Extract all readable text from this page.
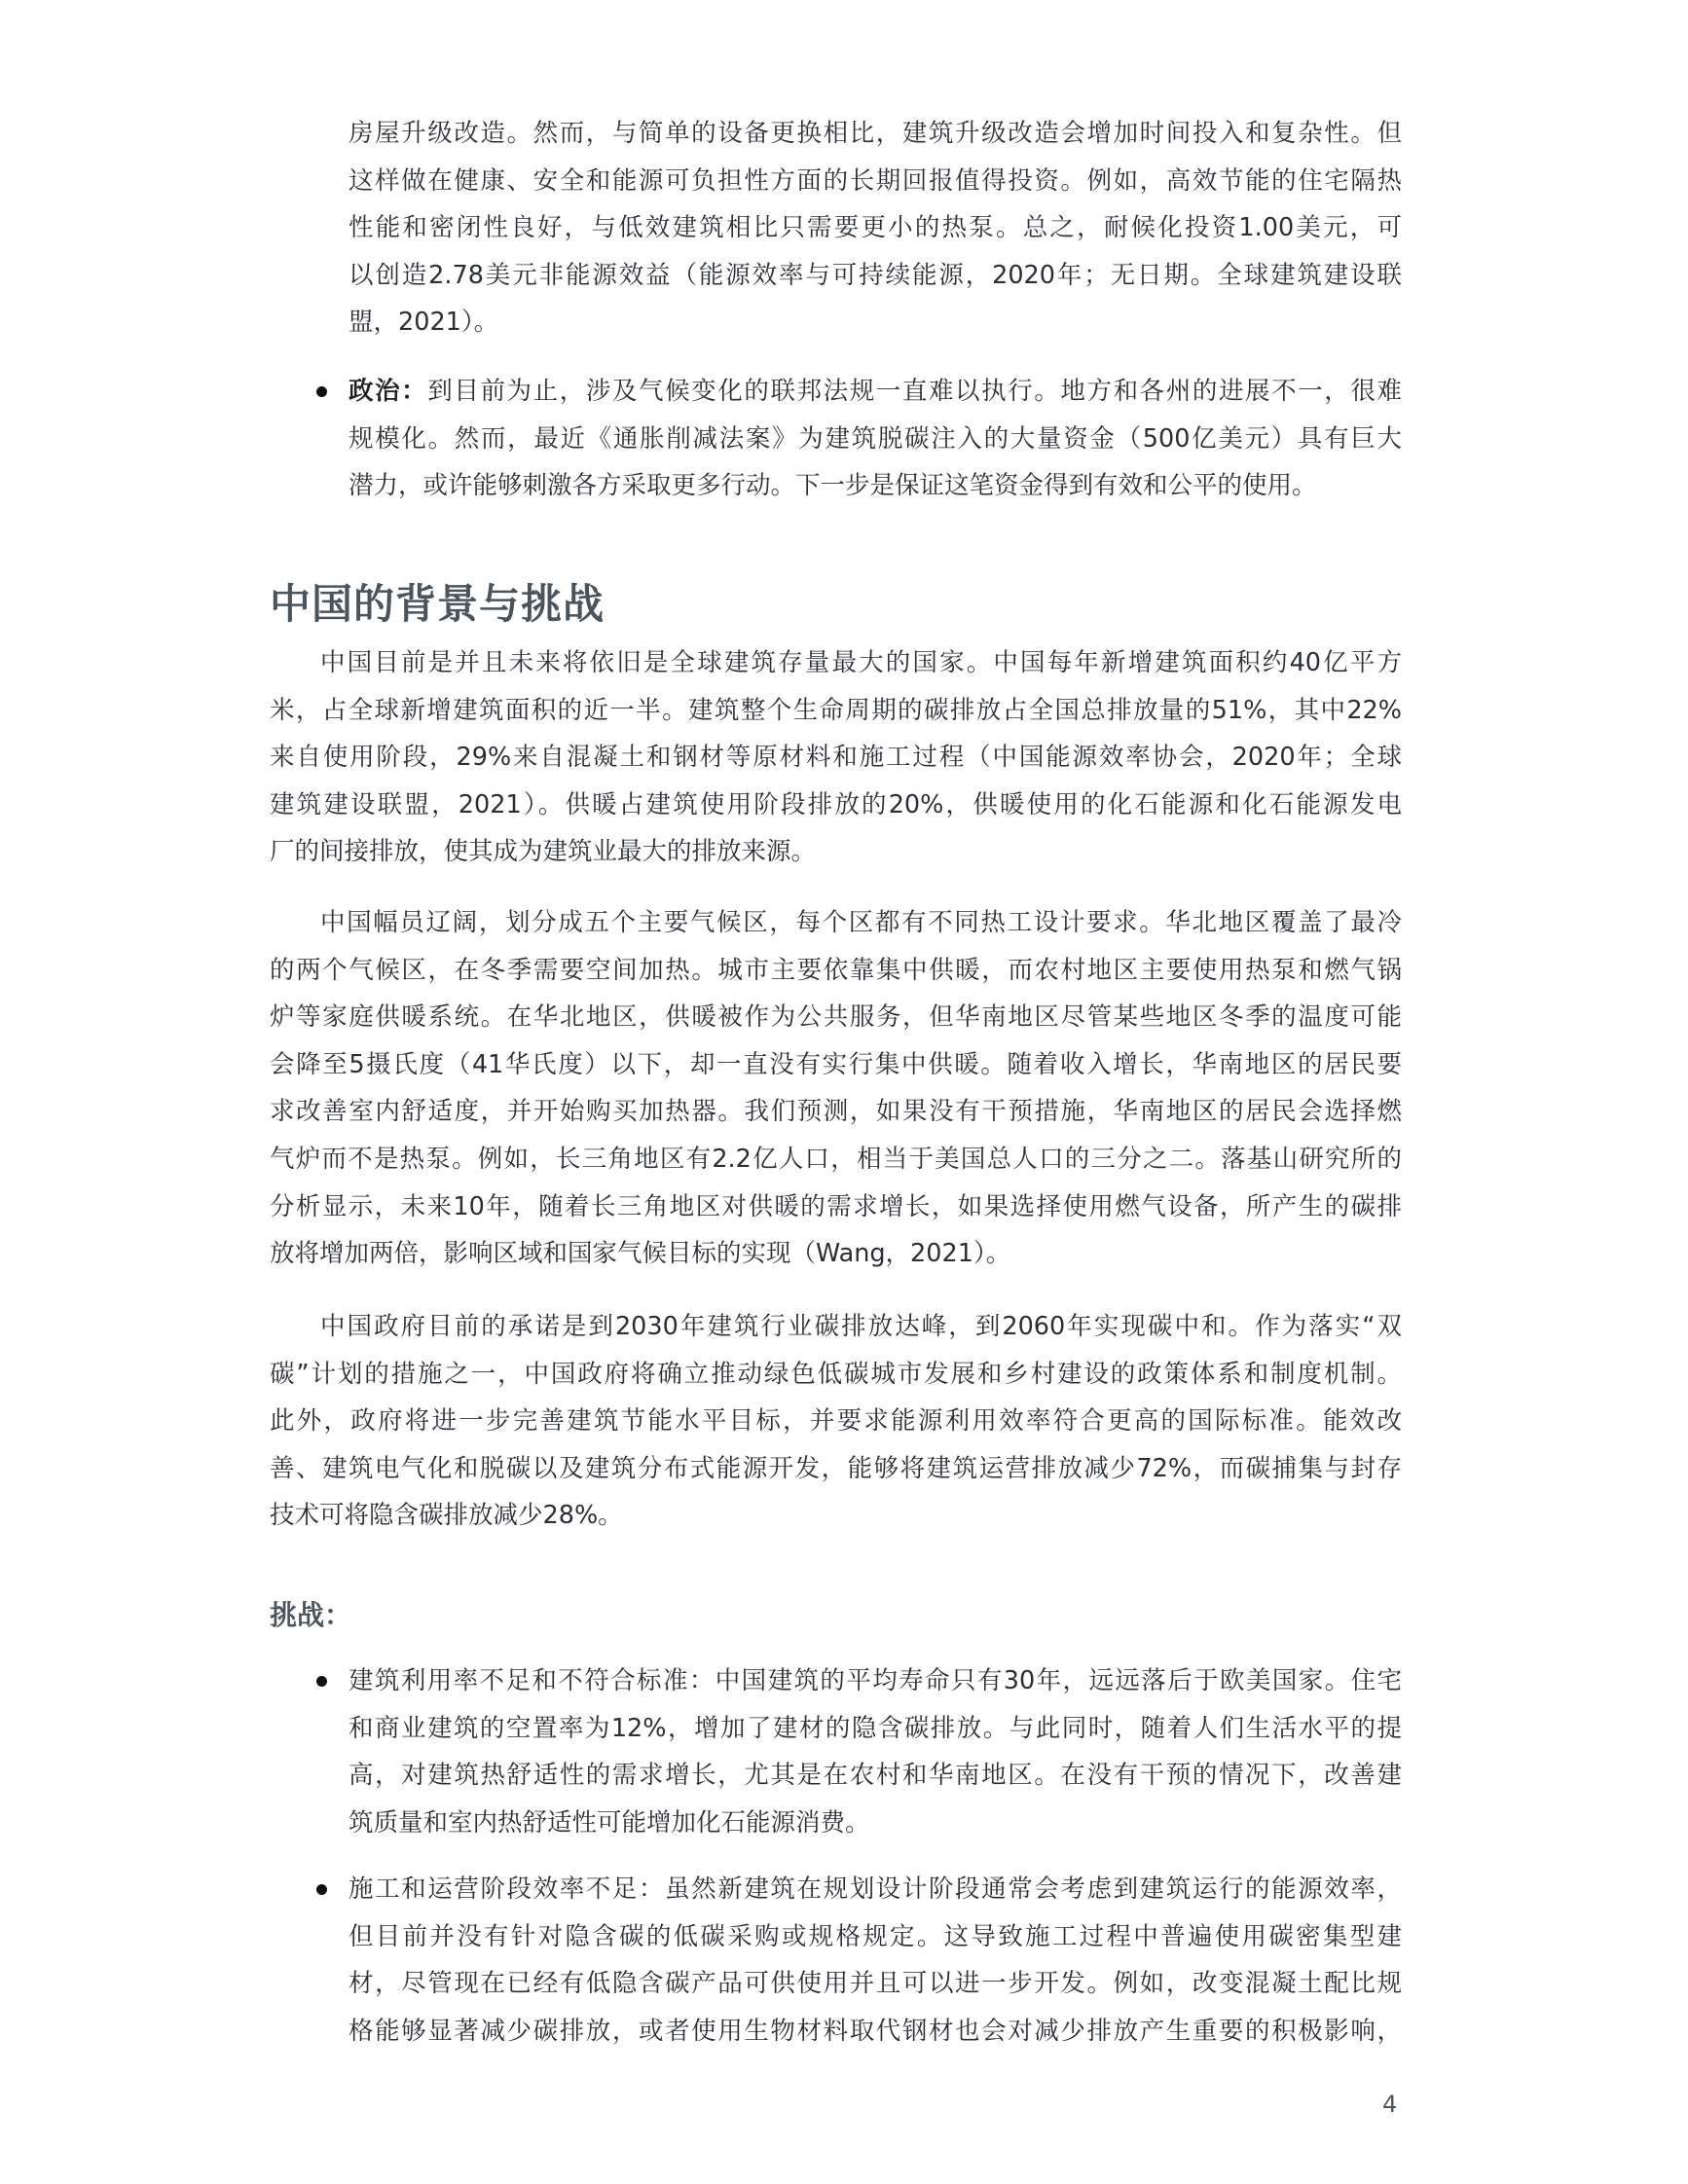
中国的背景与挑战
挑战：
4
房屋升级改造。然而，与简单的设备更换相比，建筑升级改造会增加时间投入和复杂性。但
这样做在健康、安全和能源可负担性方面的长期回报值得投资。例如，高效节能的住宅隔热
性能和密闭性良好，与低效建筑相比只需要更小的热泵。总之，耐候化投资1.00美元，可
以创造2.78美元非能源效益（能源效率与可持续能源，2020年；无日期。全球建筑建设联
盟，2021）。
政治：到目前为止，涉及气候变化的联邦法规一直难以执行。地方和各州的进展不一，很难
规模化。然而，最近《通胀削减法案》为建筑脱碳注入的大量资金（500亿美元）具有巨大
潜力，或许能够刺激各方采取更多行动。下一步是保证这笔资金得到有效和公平的使用。
中国目前是并且未来将依旧是全球建筑存量最大的国家。中国每年新增建筑面积约40亿平方
米，占全球新增建筑面积的近一半。建筑整个生命周期的碳排放占全国总排放量的51%，其中22%
来自使用阶段，29%来自混凝土和钢材等原材料和施工过程（中国能源效率协会，2020年；全球
建筑建设联盟，2021）。供暖占建筑使用阶段排放的20%，供暖使用的化石能源和化石能源发电
厂的间接排放，使其成为建筑业最大的排放来源。
中国幅员辽阔，划分成五个主要气候区，每个区都有不同热工设计要求。华北地区覆盖了最冷
的两个气候区，在冬季需要空间加热。城市主要依靠集中供暖，而农村地区主要使用热泵和燃气锅
炉等家庭供暖系统。在华北地区，供暖被作为公共服务，但华南地区尽管某些地区冬季的温度可能
会降至5摄氏度（41华氏度）以下，却一直没有实行集中供暖。随着收入增长，华南地区的居民要
求改善室内舒适度，并开始购买加热器。我们预测，如果没有干预措施，华南地区的居民会选择燃
气炉而不是热泵。例如，长三角地区有2.2亿人口，相当于美国总人口的三分之二。落基山研究所的
分析显示，未来10年，随着长三角地区对供暖的需求增长，如果选择使用燃气设备，所产生的碳排
放将增加两倍，影响区域和国家气候目标的实现（Wang，2021）。
中国政府目前的承诺是到2030年建筑行业碳排放达峰，到2060年实现碳中和。作为落实“双
碳”计划的措施之一，中国政府将确立推动绿色低碳城市发展和乡村建设的政策体系和制度机制。
此外，政府将进一步完善建筑节能水平目标，并要求能源利用效率符合更高的国际标准。能效改
善、建筑电气化和脱碳以及建筑分布式能源开发，能够将建筑运营排放减少72%，而碳捕集与封存
技术可将隐含碳排放减少28%。
建筑利用率不足和不符合标准：中国建筑的平均寿命只有30年，远远落后于欧美国家。住宅
和商业建筑的空置率为12%，增加了建材的隐含碳排放。与此同时，随着人们生活水平的提
高，对建筑热舒适性的需求增长，尤其是在农村和华南地区。在没有干预的情况下，改善建
筑质量和室内热舒适性可能增加化石能源消费。
施工和运营阶段效率不足：虽然新建筑在规划设计阶段通常会考虑到建筑运行的能源效率，
但目前并没有针对隐含碳的低碳采购或规格规定。这导致施工过程中普遍使用碳密集型建
材，尽管现在已经有低隐含碳产品可供使用并且可以进一步开发。例如，改变混凝土配比规
格能够显著减少碳排放，或者使用生物材料取代钢材也会对减少排放产生重要的积极影响，
